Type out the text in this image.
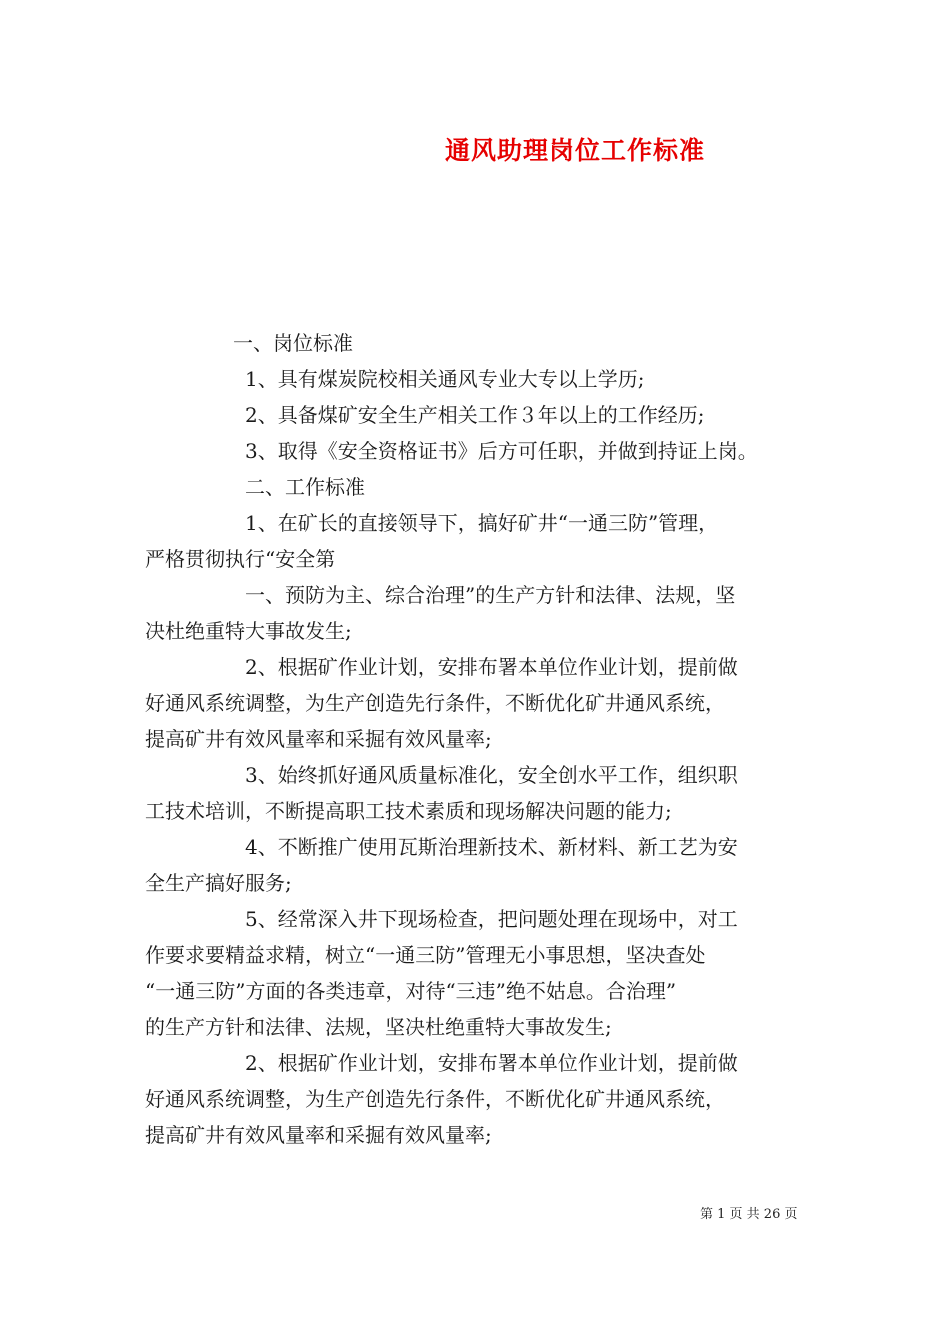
通风助理岗位工作标准
一、岗位标准
1、具有煤炭院校相关通风专业大专以上学历;
2、具备煤矿安全生产相关工作３年以上的工作经历;
3、取得《安全资格证书》后方可任职，并做到持证上岗。
二、工作标准
1、在矿长的直接领导下，搞好矿井“一通三防”管理，
严格贯彻执行“安全第
一、预防为主、综合治理”的生产方针和法律、法规，坚
决杜绝重特大事故发生;
2、根据矿作业计划，安排布署本单位作业计划，提前做
好通风系统调整，为生产创造先行条件，不断优化矿井通风系统，
提高矿井有效风量率和采掘有效风量率;
3、始终抓好通风质量标准化，安全创水平工作，组织职
工技术培训，不断提高职工技术素质和现场解决问题的能力;
4、不断推广使用瓦斯治理新技术、新材料、新工艺为安
全生产搞好服务;
5、经常深入井下现场检查，把问题处理在现场中，对工
作要求要精益求精，树立“一通三防”管理无小事思想，坚决查处
“一通三防”方面的各类违章，对待“三违”绝不姑息。合治理”
的生产方针和法律、法规，坚决杜绝重特大事故发生;
2、根据矿作业计划，安排布署本单位作业计划，提前做
好通风系统调整，为生产创造先行条件，不断优化矿井通风系统，
提高矿井有效风量率和采掘有效风量率;
第 1 页 共 26 页
